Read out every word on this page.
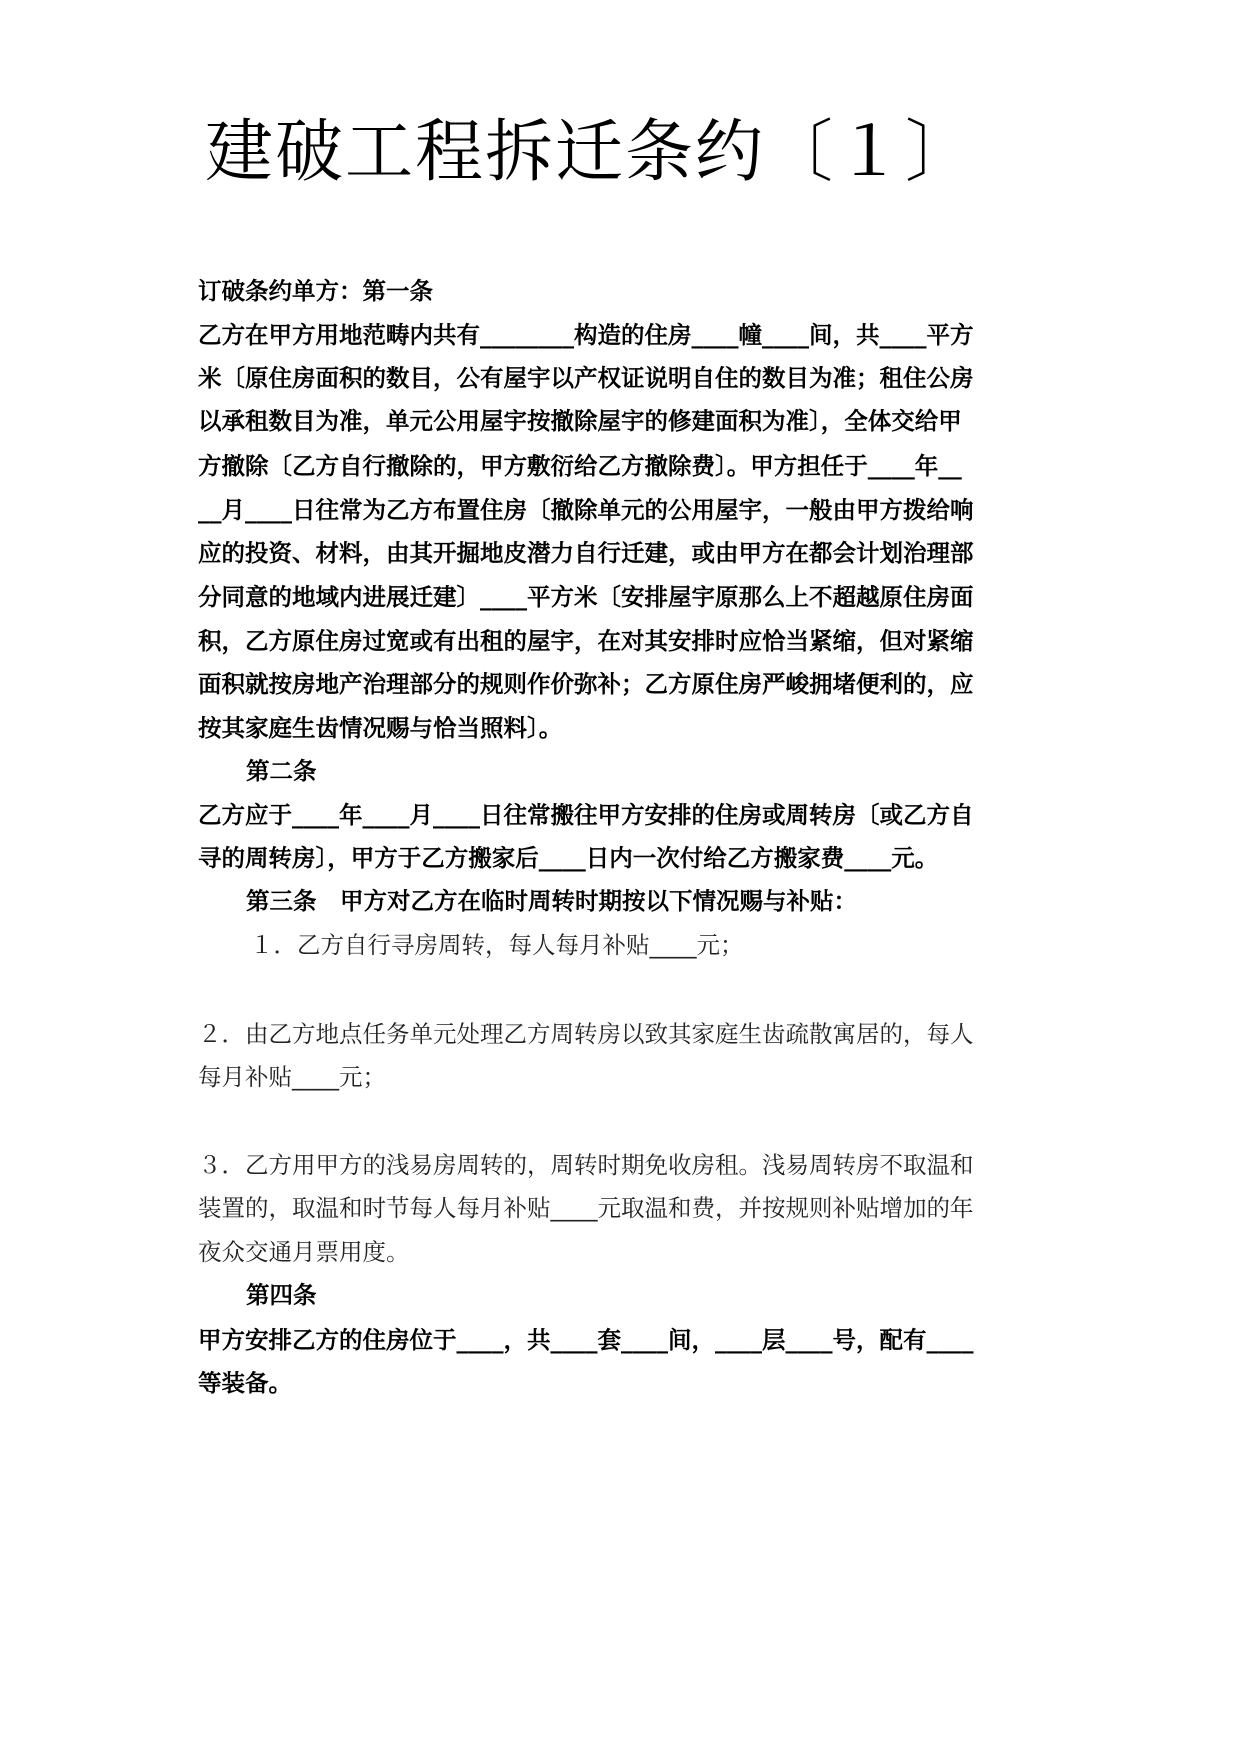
建破工程拆迁条约〔１〕
订破条约单方：第一条
乙方在甲方用地范畴内共有________构造的住房____幢____间，共____平方
米〔原住房面积的数目，公有屋宇以产权证说明自住的数目为准；租住公房
以承租数目为准，单元公用屋宇按撤除屋宇的修建面积为准〕，全体交给甲
方撤除〔乙方自行撤除的，甲方敷衍给乙方撤除费〕。甲方担任于____年__
__月____日往常为乙方布置住房〔撤除单元的公用屋宇，一般由甲方拨给响
应的投资、材料，由其开掘地皮潜力自行迁建，或由甲方在都会计划治理部
分同意的地域内进展迁建〕____平方米〔安排屋宇原那么上不超越原住房面
积，乙方原住房过宽或有出租的屋宇，在对其安排时应恰当紧缩，但对紧缩
面积就按房地产治理部分的规则作价弥补；乙方原住房严峻拥堵便利的，应
按其家庭生齿情况赐与恰当照料〕。
第二条
乙方应于____年____月____日往常搬往甲方安排的住房或周转房〔或乙方自
寻的周转房〕，甲方于乙方搬家后____日内一次付给乙方搬家费____元。
第三条　甲方对乙方在临时周转时期按以下情况赐与补贴：
１．乙方自行寻房周转，每人每月补贴____元；
２．由乙方地点任务单元处理乙方周转房以致其家庭生齿疏散寓居的，每人
每月补贴____元；
３．乙方用甲方的浅易房周转的，周转时期免收房租。浅易周转房不取温和
装置的，取温和时节每人每月补贴____元取温和费，并按规则补贴增加的年
夜众交通月票用度。
第四条
甲方安排乙方的住房位于____，共____套____间，____层____号，配有____
等装备。
